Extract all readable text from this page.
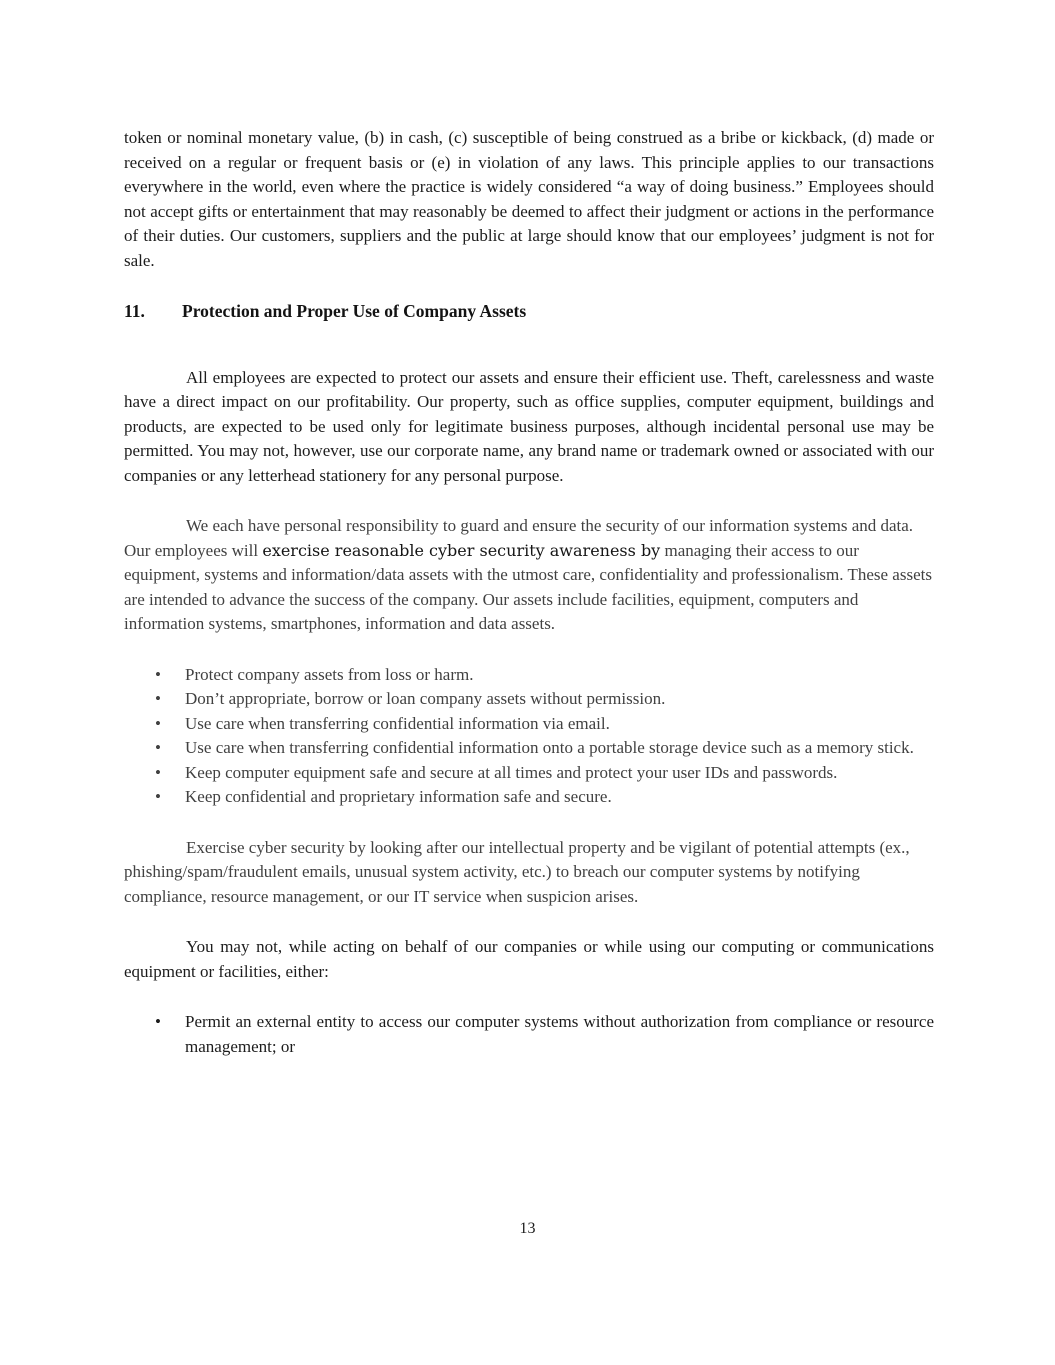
token or nominal monetary value, (b) in cash, (c) susceptible of being construed as a bribe or kickback, (d) made or received on a regular or frequent basis or (e) in violation of any laws. This principle applies to our transactions everywhere in the world, even where the practice is widely considered “a way of doing business.” Employees should not accept gifts or entertainment that may reasonably be deemed to affect their judgment or actions in the performance of their duties. Our customers, suppliers and the public at large should know that our employees’ judgment is not for sale.

11. Protection and Proper Use of Company Assets

All employees are expected to protect our assets and ensure their efficient use. Theft, carelessness and waste have a direct impact on our profitability. Our property, such as office supplies, computer equipment, buildings and products, are expected to be used only for legitimate business purposes, although incidental personal use may be permitted. You may not, however, use our corporate name, any brand name or trademark owned or associated with our companies or any letterhead stationery for any personal purpose.

We each have personal responsibility to guard and ensure the security of our information systems and data. Our employees will exercise reasonable cyber security awareness by managing their access to our equipment, systems and information/data assets with the utmost care, confidentiality and professionalism. These assets are intended to advance the success of the company. Our assets include facilities, equipment, computers and information systems, smartphones, information and data assets.

• Protect company assets from loss or harm.
• Don’t appropriate, borrow or loan company assets without permission.
• Use care when transferring confidential information via email.
• Use care when transferring confidential information onto a portable storage device such as a memory stick.
• Keep computer equipment safe and secure at all times and protect your user IDs and passwords.
• Keep confidential and proprietary information safe and secure.

Exercise cyber security by looking after our intellectual property and be vigilant of potential attempts (ex., phishing/spam/fraudulent emails, unusual system activity, etc.) to breach our computer systems by notifying compliance, resource management, or our IT service when suspicion arises.

You may not, while acting on behalf of our companies or while using our computing or communications equipment or facilities, either:

• Permit an external entity to access our computer systems without authorization from compliance or resource management; or
13
